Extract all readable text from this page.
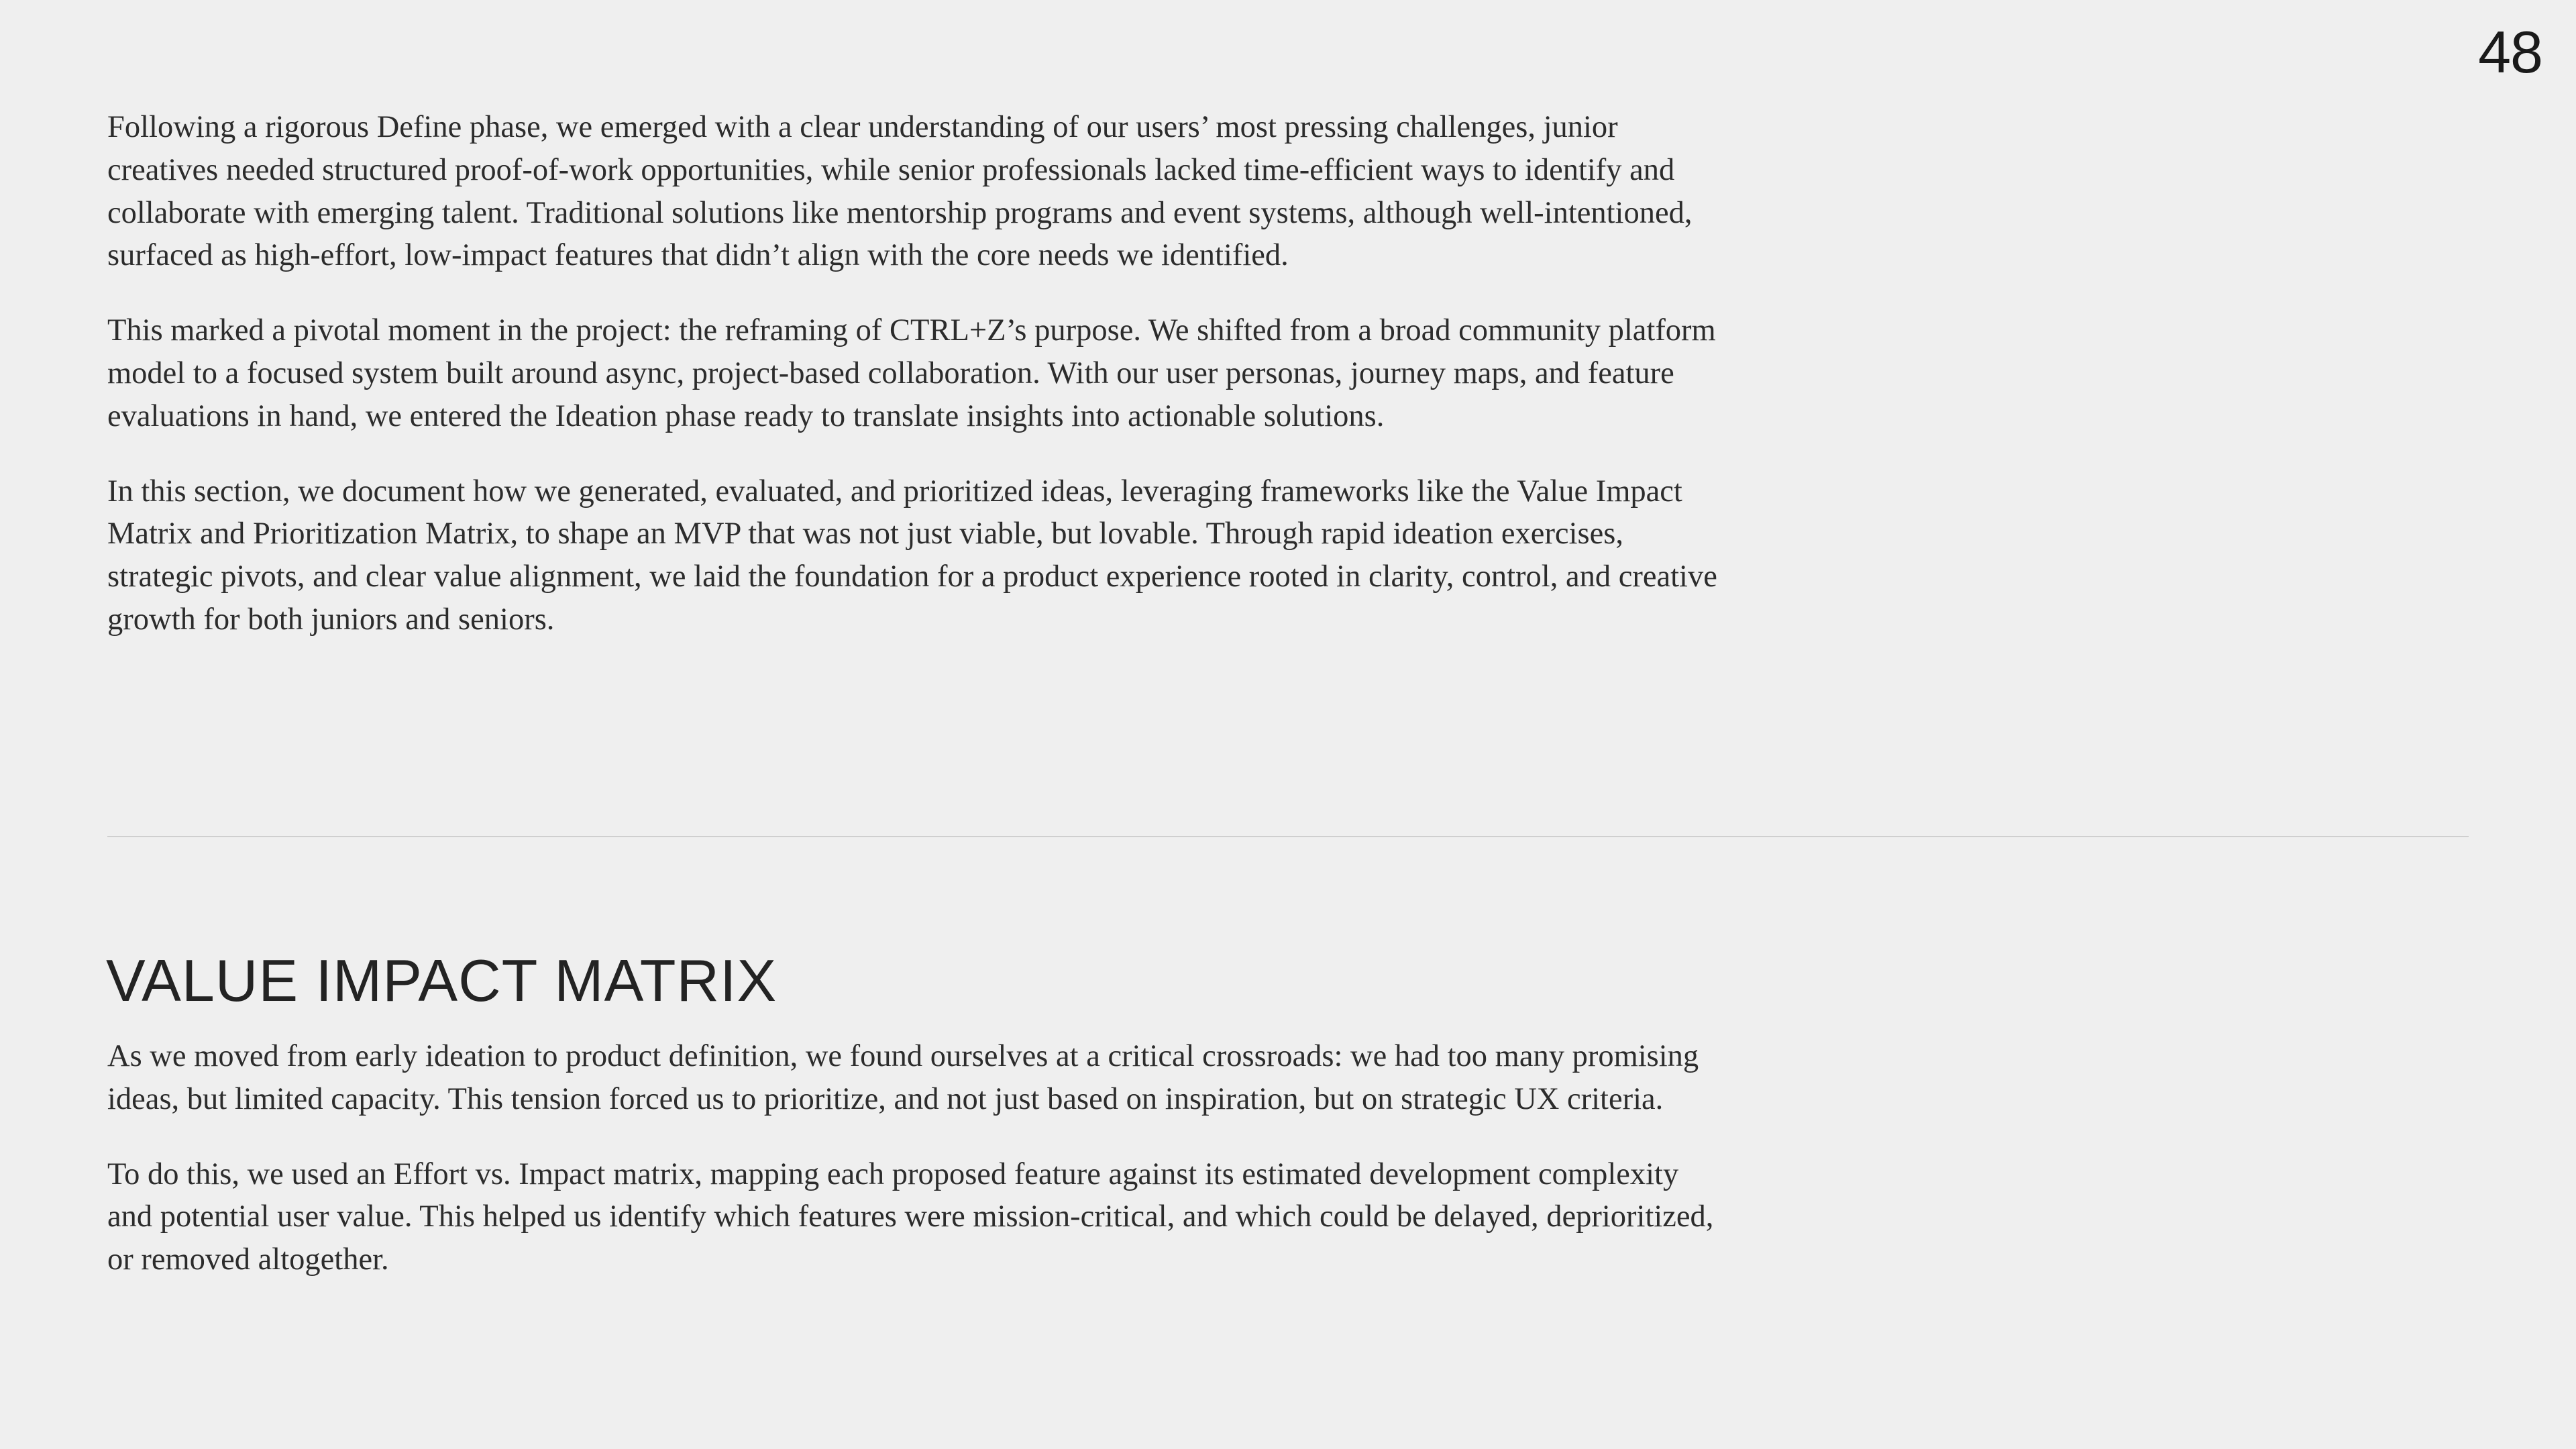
48

Following a rigorous Define phase, we emerged with a clear understanding of our users’ most pressing challenges, junior creatives needed structured proof-of-work opportunities, while senior professionals lacked time-efficient ways to identify and collaborate with emerging talent. Traditional solutions like mentorship programs and event systems, although well-intentioned, surfaced as high-effort, low-impact features that didn’t align with the core needs we identified.

This marked a pivotal moment in the project: the reframing of CTRL+Z’s purpose. We shifted from a broad community platform model to a focused system built around async, project-based collaboration. With our user personas, journey maps, and feature evaluations in hand, we entered the Ideation phase ready to translate insights into actionable solutions.

In this section, we document how we generated, evaluated, and prioritized ideas, leveraging frameworks like the Value Impact Matrix and Prioritization Matrix, to shape an MVP that was not just viable, but lovable. Through rapid ideation exercises, strategic pivots, and clear value alignment, we laid the foundation for a product experience rooted in clarity, control, and creative growth for both juniors and seniors.

VALUE IMPACT MATRIX

As we moved from early ideation to product definition, we found ourselves at a critical crossroads: we had too many promising ideas, but limited capacity. This tension forced us to prioritize, and not just based on inspiration, but on strategic UX criteria.

To do this, we used an Effort vs. Impact matrix, mapping each proposed feature against its estimated development complexity and potential user value. This helped us identify which features were mission-critical, and which could be delayed, deprioritized, or removed altogether.
